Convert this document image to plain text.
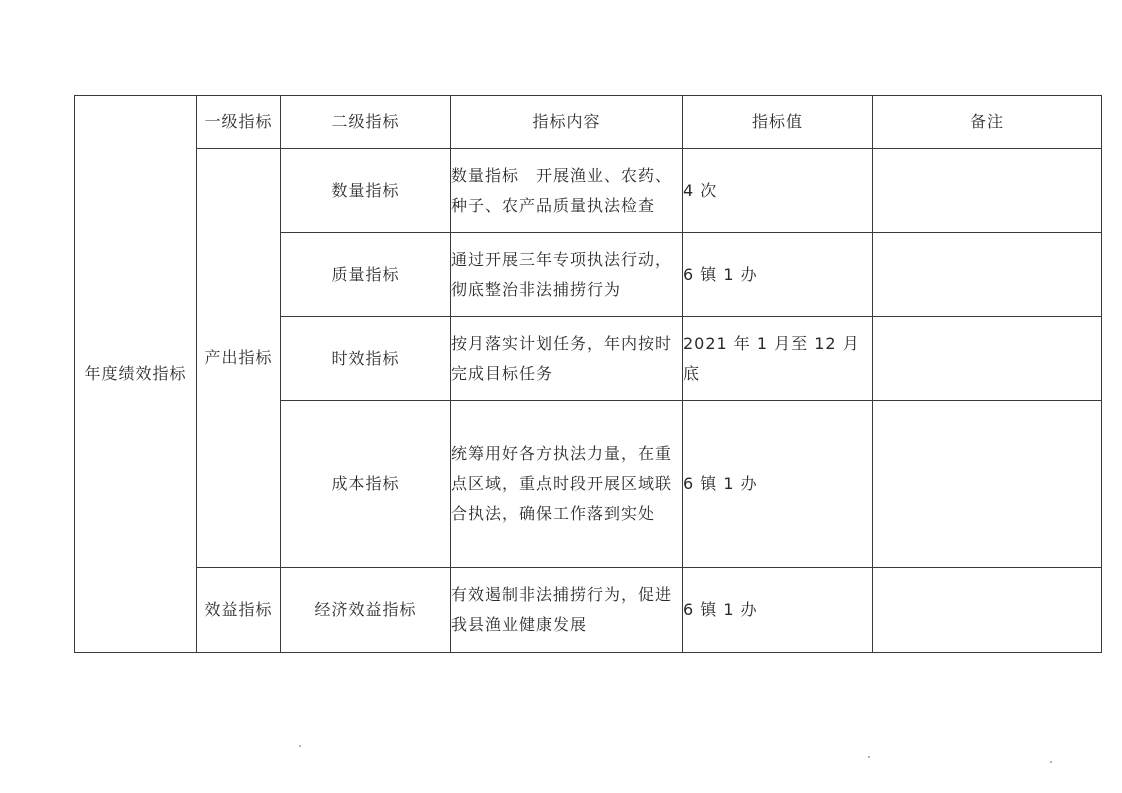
年度绩效指标	一级指标	二级指标	指标内容	指标值	备注
	产出指标	数量指标	数量指标　开展渔业、农药、种子、农产品质量执法检查	4 次	
		质量指标	通过开展三年专项执法行动，彻底整治非法捕捞行为	6 镇 1 办	
		时效指标	按月落实计划任务，年内按时完成目标任务	2021 年 1 月至 12 月底	
		成本指标	统筹用好各方执法力量，在重点区域，重点时段开展区域联合执法，确保工作落到实处	6 镇 1 办	
	效益指标	经济效益指标	有效遏制非法捕捞行为，促进我县渔业健康发展	6 镇 1 办	
